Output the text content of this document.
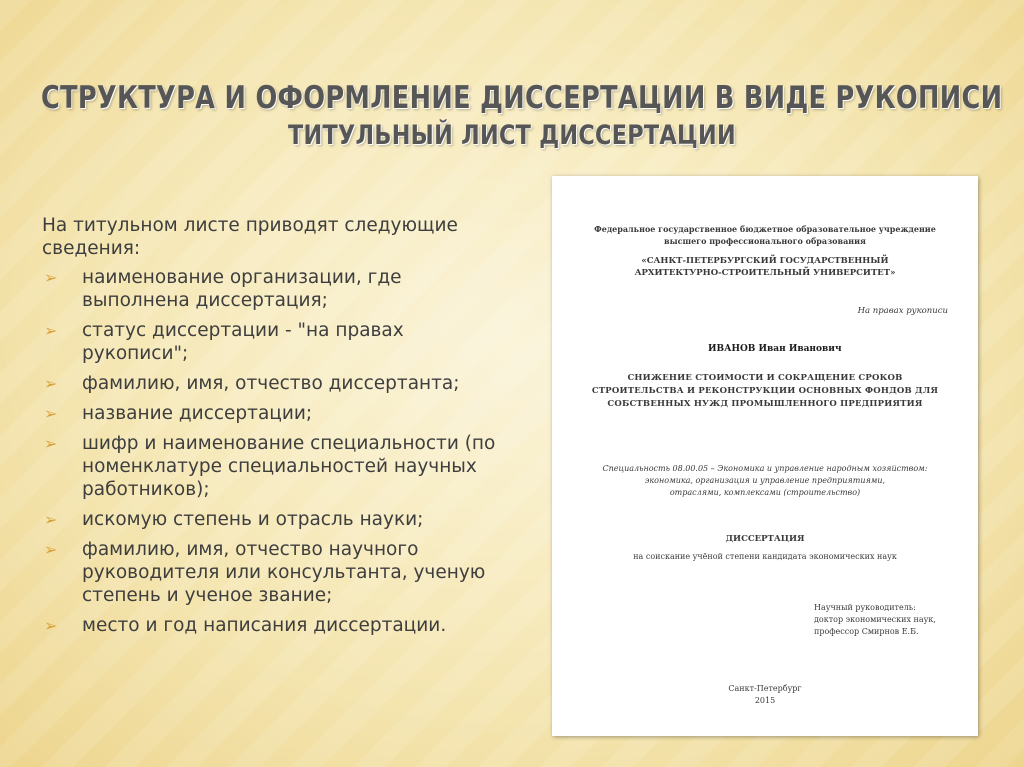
СТРУКТУРА И ОФОРМЛЕНИЕ ДИССЕРТАЦИИ В ВИДЕ РУКОПИСИ

ТИТУЛЬНЫЙ ЛИСТ ДИССЕРТАЦИИ

На титульном листе приводят следующие сведения:

➢ наименование организации, где выполнена диссертация;
➢ статус диссертации - "на правах рукописи";
➢ фамилию, имя, отчество диссертанта;
➢ название диссертации;
➢ шифр и наименование специальности (по номенклатуре специальностей научных работников);
➢ искомую степень и отрасль науки;
➢ фамилию, имя, отчество научного руководителя или консультанта, ученую степень и ученое звание;
➢ место и год написания диссертации.

Федеральное государственное бюджетное образовательное учреждение

высшего профессионального образования

«САНКТ-ПЕТЕРБУРГСКИЙ ГОСУДАРСТВЕННЫЙ

АРХИТЕКТУРНО-СТРОИТЕЛЬНЫЙ УНИВЕРСИТЕТ»

На правах рукописи

ИВАНОВ Иван Иванович

СНИЖЕНИЕ СТОИМОСТИ И СОКРАЩЕНИЕ СРОКОВ

СТРОИТЕЛЬСТВА И РЕКОНСТРУКЦИИ ОСНОВНЫХ ФОНДОВ ДЛЯ

СОБСТВЕННЫХ НУЖД ПРОМЫШЛЕННОГО ПРЕДПРИЯТИЯ

Специальность 08.00.05 – Экономика и управление народным хозяйством:

экономика, организация и управление предприятиями,

отраслями, комплексами (строительство)

ДИССЕРТАЦИЯ

на соискание учёной степени кандидата экономических наук

Научный руководитель:

доктор экономических наук,

профессор Смирнов Е.Б.

Санкт-Петербург

2015
